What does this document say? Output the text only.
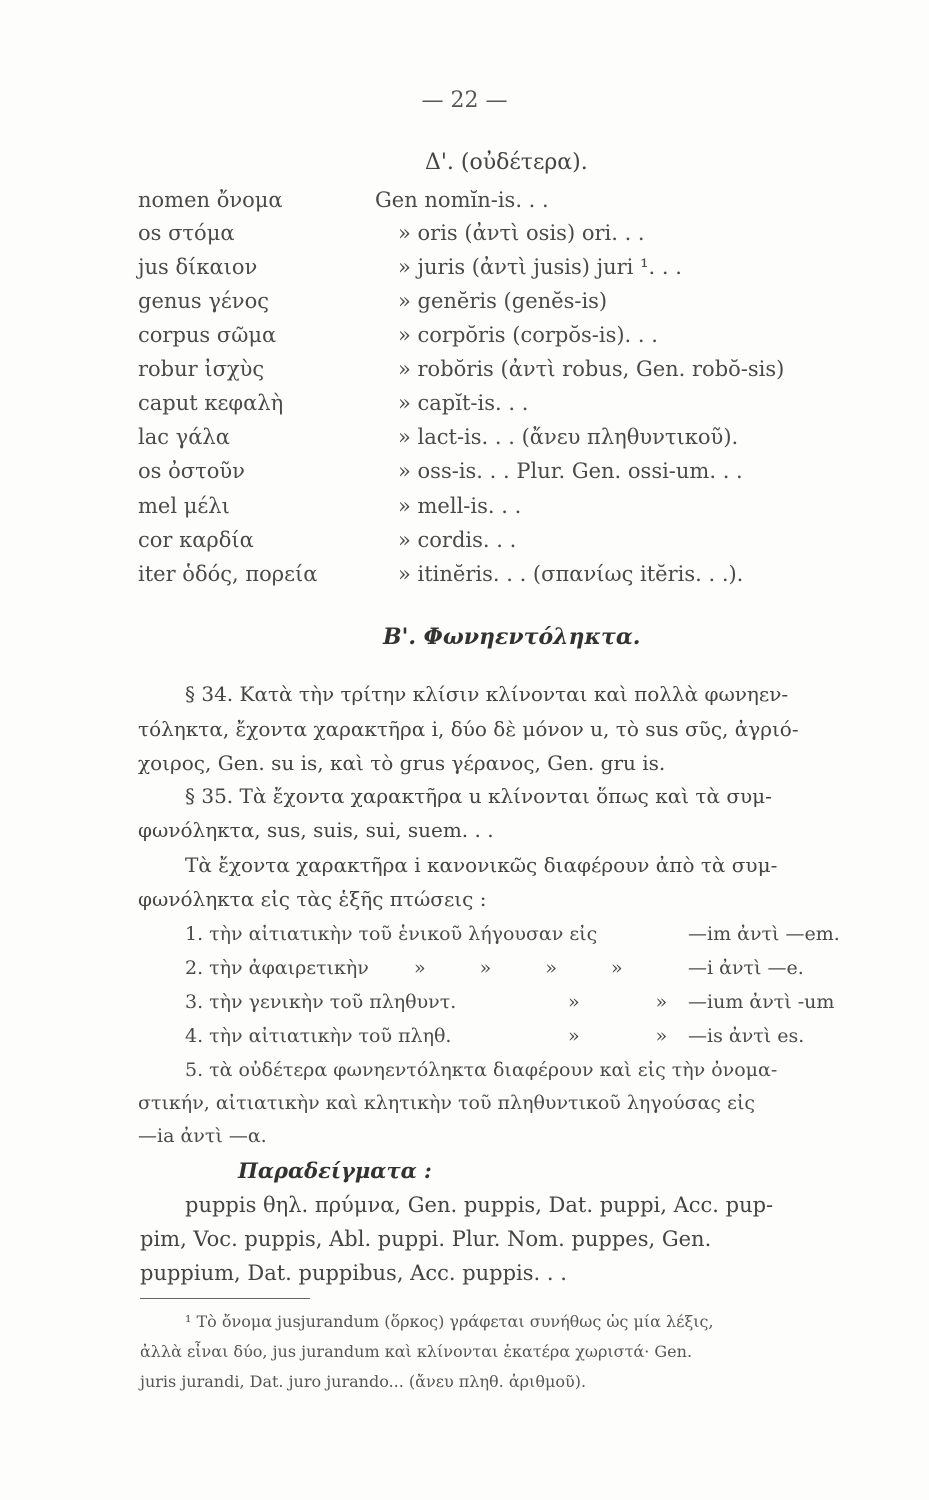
— 22 —
Δ'. (οὐδέτερα).
nomen ὄνομα	Gen nomĭn-is. . .
os στόμα	» oris (ἀντὶ osis) ori. . .
jus δίκαιον	» juris (ἀντὶ jusis) juri ¹. . .
genus γένος	» genĕris (genĕs-is)
corpus σῶμα	» corpŏris (corpŏs-is). . .
robur ἰσχὺς	» robŏris (ἀντὶ robus, Gen. robŏ-sis)
caput κεφαλὴ	» capĭt-is. . .
lac γάλα	» lact-is. . . (ἄνευ πληθυντικοῦ).
os ὀστοῦν	» oss-is. . . Plur. Gen. ossi-um. . .
mel μέλι	» mell-is. . .
cor καρδία	» cordis. . .
iter ὁδός, πορεία	» itinĕris. . . (σπανίως itĕris. . .).
B'. Φωνηεντόληκτα.
§ 34. Κατὰ τὴν τρίτην κλίσιν κλίνονται καὶ πολλὰ φωνηεν-
τόληκτα, ἔχοντα χαρακτῆρα i, δύο δὲ μόνον u, τὸ sus σῦς, ἀγριό-
χοιρος, Gen. su is, καὶ τὸ grus γέρανος, Gen. gru is.
§ 35. Τὰ ἔχοντα χαρακτῆρα u κλίνονται ὅπως καὶ τὰ συμ-
φωνόληκτα, sus, suis, sui, suem. . .
Τὰ ἔχοντα χαρακτῆρα i κανονικῶς διαφέρουν ἀπὸ τὰ συμ-
φωνόληκτα εἰς τὰς ἑξῆς πτώσεις :
1. τὴν αἰτιατικὴν τοῦ ἑνικοῦ λήγουσαν εἰς	—im ἀντὶ —em.
2. τὴν ἀφαιρετικὴν » » » »	—i ἀντὶ —e.
3. τὴν γενικὴν τοῦ πληθυντ.	» » —ium ἀντὶ -um
4. τὴν αἰτιατικὴν τοῦ πληθ.	» » —is ἀντὶ es.
5. τὰ οὐδέτερα φωνηεντόληκτα διαφέρουν καὶ εἰς τὴν ὀνομα-
στικήν, αἰτιατικὴν καὶ κλητικὴν τοῦ πληθυντικοῦ ληγούσας εἰς
—ia ἀντὶ —α.
Παραδείγματα :
puppis θηλ. πρύμνα, Gen. puppis, Dat. puppi, Acc. pup-
pim, Voc. puppis, Abl. puppi. Plur. Nom. puppes, Gen.
puppium, Dat. puppibus, Acc. puppis. . .
¹ Τὸ ὄνομα jusjurandum (ὅρκος) γράφεται συνήθως ὡς μία λέξις,
ἀλλὰ εἶναι δύο, jus jurandum καὶ κλίνονται ἑκατέρα χωριστά· Gen.
juris jurandi, Dat. juro jurando... (ἄνευ πληθ. ἀριθμοῦ).
